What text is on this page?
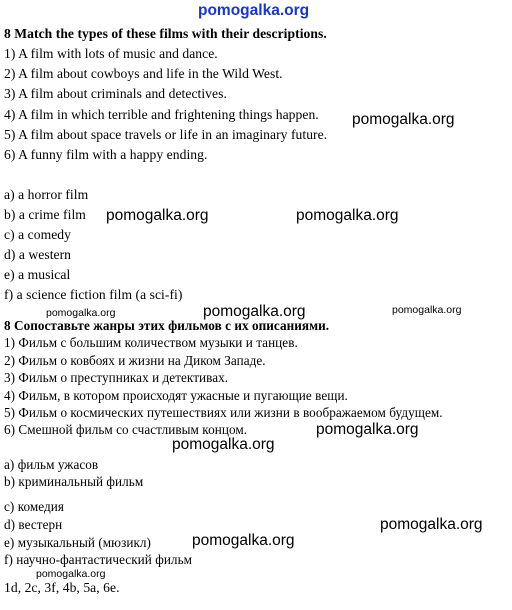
pomogalka.org
pomogalka.org
pomogalka.org	pomogalka.org
pomogalka.org
pomogalka.org	pomogalka.org
pomogalka.org
pomogalka.org
pomogalka.org
pomogalka.org
pomogalka.org
8 Match the types of these films with their descriptions.
1) A film with lots of music and dance.
2) A film about cowboys and life in the Wild West.
3) A film about criminals and detectives.
4) A film in which terrible and frightening things happen.
5) A film about space travels or life in an imaginary future.
6) A funny film with a happy ending.
a) a horror film
b) a crime film
c) a comedy
d) a western
e) a musical
f) a science fiction film (a sci-fi)
8 Сопоставьте жанры этих фильмов с их описаниями.
1) Фильм с большим количеством музыки и танцев.
2) Фильм о ковбоях и жизни на Диком Западе.
3) Фильм о преступниках и детективах.
4) Фильм, в котором происходят ужасные и пугающие вещи.
5) Фильм о космических путешествиях или жизни в воображаемом будущем.
6) Смешной фильм со счастливым концом.
a) фильм ужасов
b) криминальный фильм
c) комедия
d) вестерн
e) музыкальный (мюзикл)
f) научно-фантастический фильм
1d, 2c, 3f, 4b, 5a, 6e.
